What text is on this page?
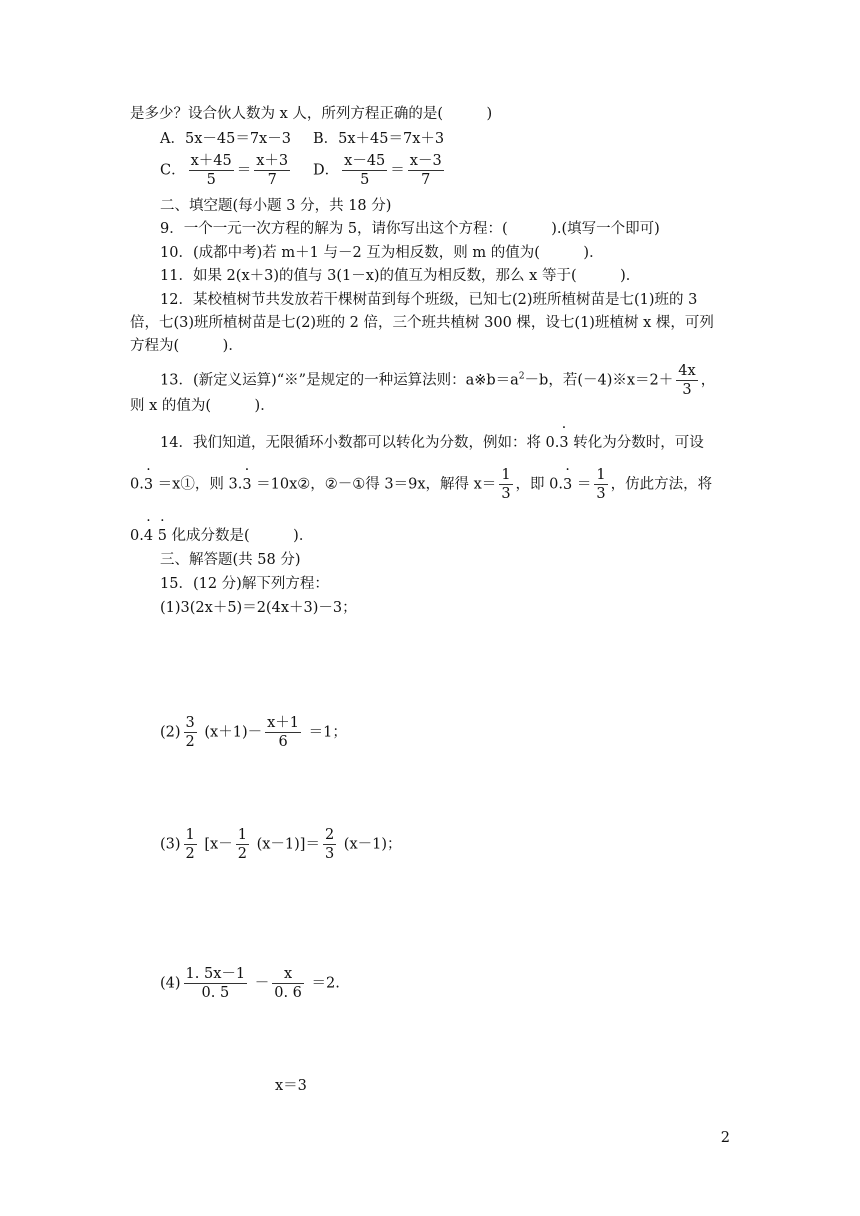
是多少？设合伙人数为 x 人，所列方程正确的是(　　　)
A．5x－45＝7x－3 B．5x＋45＝7x＋3
C． $\frac{x+45}{5} = \frac{x+3}{7}$ D． $\frac{x-45}{5} = \frac{x-3}{7}$
二、填空题(每小题 3 分，共 18 分)
9．一个一元一次方程的解为 5，请你写出这个方程：(　　　).(填写一个即可)
10．(成都中考)若 m＋1 与－2 互为相反数，则 m 的值为(　　　)．
11．如果 2(x＋3)的值与 3(1－x)的值互为相反数，那么 x 等于(　　　)．
12．某校植树节共发放若干棵树苗到每个班级，已知七(2)班所植树苗是七(1)班的 3
倍，七(3)班所植树苗是七(2)班的 2 倍，三个班共植树 300 棵，设七(1)班植树 x 棵，可列
方程为(　　　)．
13．(新定义运算)“※”是规定的一种运算法则：$a※b=a^2-b$，若(－4)※x＝2＋ $\frac{4x}{3}$ ，
则 x 的值为(　　　)．
14．我们知道，无限循环小数都可以转化为分数，例如：将 0.· 3 转化为分数时，可设
0.· 3 ＝x①，则 3.· 3 ＝10x②，②－①得 3＝9x，解得 $x= \frac{1}{3}$ ，即 $0.\cdot 3 = \frac{1}{3}$ ，仿此方法，将
0.· 4 · 5 化成分数是(　　　)．
三、解答题(共 58 分)
15．(12 分)解下列方程：
(1)3(2x＋5)＝2(4x＋3)－3；
$(2) \frac{3}{2} (x+1)- \frac{x+1}{6} =1$；
$(3) \frac{1}{2} [x- \frac{1}{2} (x-1)]= \frac{2}{3} (x-1)$；
$(4) \frac{1. 5x-1}{0. 5} - \frac{x}{0. 6} =2$.
x＝3
2
